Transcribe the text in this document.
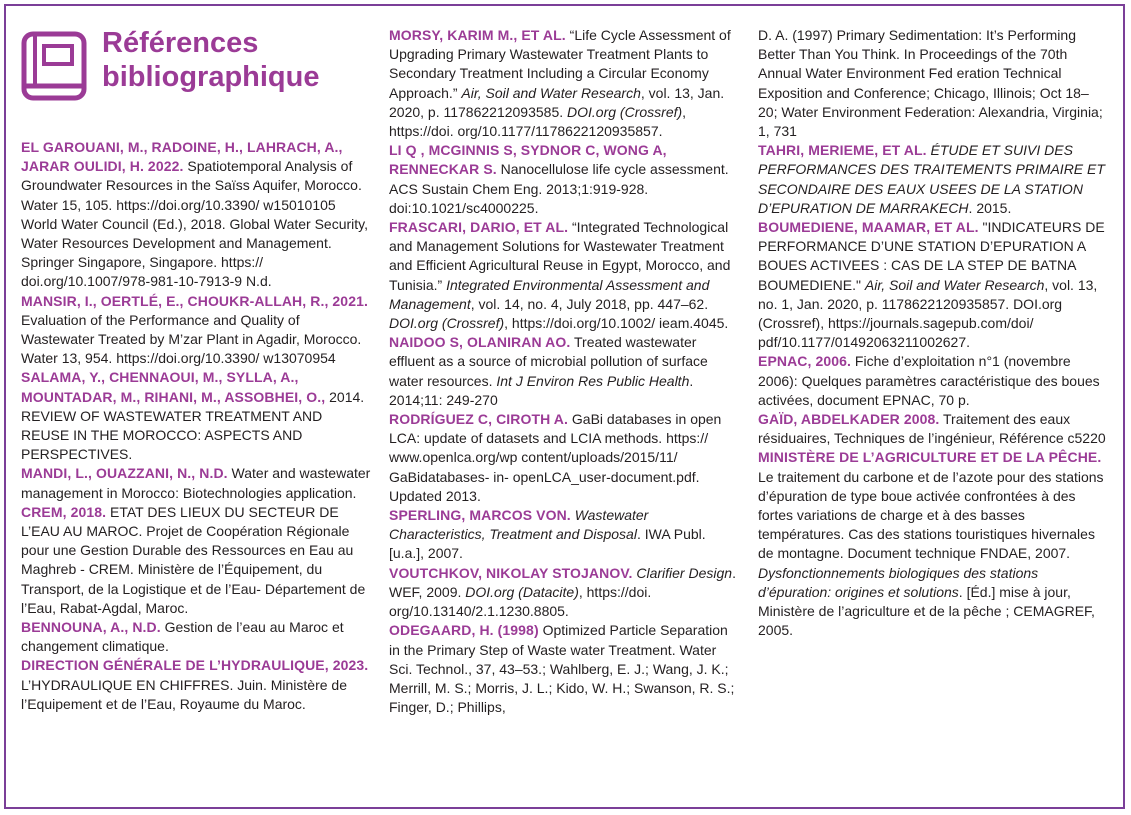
Références
bibliographique

EL GAROUANI, M., RADOINE, H., LAHRACH, A., JARAR OULIDI, H. 2022. Spatiotemporal Analysis of Groundwater Resources in the Saïss Aquifer, Morocco. Water 15, 105. https://doi.org/10.3390/ w15010105

World Water Council (Ed.), 2018. Global Water Security, Water Resources Development and Management. Springer Singapore, Singapore. https:// doi.org/10.1007/978-981-10-7913-9 N.d.

MANSIR, I., OERTLÉ, E., CHOUKR-ALLAH, R., 2021. Evaluation of the Performance and Quality of Wastewater Treated by M’zar Plant in Agadir, Morocco. Water 13, 954. https://doi.org/10.3390/ w13070954

SALAMA, Y., CHENNAOUI, M., SYLLA, A., MOUNTADAR, M., RIHANI, M., ASSOBHEI, O., 2014. REVIEW OF WASTEWATER TREATMENT AND REUSE IN THE MOROCCO: ASPECTS AND PERSPECTIVES.

MANDI, L., OUAZZANI, N., N.D. Water and wastewater management in Morocco: Biotechnologies application.

CREM, 2018. ETAT DES LIEUX DU SECTEUR DE L’EAU AU MAROC. Projet de Coopération Régionale pour une Gestion Durable des Ressources en Eau au Maghreb - CREM. Ministère de l’Équipement, du Transport, de la Logistique et de l’Eau- Département de l’Eau, Rabat-Agdal, Maroc.

BENNOUNA, A., N.D. Gestion de l’eau au Maroc et changement climatique.

DIRECTION GÉNÉRALE DE L’HYDRAULIQUE, 2023. L’HYDRAULIQUE EN CHIFFRES. Juin. Ministère de l’Equipement et de l’Eau, Royaume du Maroc.

MORSY, KARIM M., ET AL. “Life Cycle Assessment of Upgrading Primary Wastewater Treatment Plants to Secondary Treatment Including a Circular Economy Approach.” Air, Soil and Water Research, vol. 13, Jan. 2020, p. 117862212093585. DOI.org (Crossref), https://doi. org/10.1177/1178622120935857.

LI Q , MCGINNIS S, SYDNOR C, WONG A, RENNECKAR S. Nanocellulose life cycle assessment. ACS Sustain Chem Eng. 2013;1:919-928. doi:10.1021/sc4000225.

FRASCARI, DARIO, ET AL. “Integrated Technological and Management Solutions for Wastewater Treatment and Efficient Agricultural Reuse in Egypt, Morocco, and Tunisia.” Integrated Environmental Assessment and Management, vol. 14, no. 4, July 2018, pp. 447–62. DOI.org (Crossref), https://doi.org/10.1002/ ieam.4045.

NAIDOO S, OLANIRAN AO. Treated wastewater effluent as a source of microbial pollution of surface water resources. Int J Environ Res Public Health. 2014;11: 249-270

RODRÍGUEZ C, CIROTH A. GaBi databases in open LCA: update of datasets and LCIA methods. https:// www.openlca.org/wp content/uploads/2015/11/ GaBidatabases- in- openLCA_user-document.pdf. Updated 2013.

SPERLING, MARCOS VON. Wastewater Characteristics, Treatment and Disposal. IWA Publ. [u.a.], 2007.

VOUTCHKOV, NIKOLAY STOJANOV. Clarifier Design. WEF, 2009. DOI.org (Datacite), https://doi. org/10.13140/2.1.1230.8805.

ODEGAARD, H. (1998) Optimized Particle Separation in the Primary Step of Waste water Treatment. Water Sci. Technol., 37, 43–53.; Wahlberg, E. J.; Wang, J. K.; Merrill, M. S.; Morris, J. L.; Kido, W. H.; Swanson, R. S.; Finger, D.; Phillips,

D. A. (1997) Primary Sedimentation: It’s Performing Better Than You Think. In Proceedings of the 70th Annual Water Environment Fed eration Technical Exposition and Conference; Chicago, Illinois; Oct 18–20; Water Environment Federation: Alexandria, Virginia; 1, 731

TAHRI, MERIEME, ET AL. ÉTUDE ET SUIVI DES PERFORMANCES DES TRAITEMENTS PRIMAIRE ET SECONDAIRE DES EAUX USEES DE LA STATION D’EPURATION DE MARRAKECH. 2015.

BOUMEDIENE, MAAMAR, ET AL. "INDICATEURS DE PERFORMANCE D’UNE STATION D’EPURATION A BOUES ACTIVEES : CAS DE LA STEP DE BATNA BOUMEDIENE." Air, Soil and Water Research, vol. 13, no. 1, Jan. 2020, p. 1178622120935857. DOI.org (Crossref), https://journals.sagepub.com/doi/ pdf/10.1177/01492063211002627.

EPNAC, 2006. Fiche d’exploitation n°1 (novembre 2006): Quelques paramètres caractéristique des boues activées, document EPNAC, 70 p.

GAÏD, ABDELKADER 2008. Traitement des eaux résiduaires, Techniques de l’ingénieur, Référence c5220

MINISTÈRE DE L’AGRICULTURE ET DE LA PÊCHE. Le traitement du carbone et de l’azote pour des stations d’épuration de type boue activée confrontées à des fortes variations de charge et à des basses températures. Cas des stations touristiques hivernales de montagne. Document technique FNDAE, 2007.

Dysfonctionnements biologiques des stations d’épuration: origines et solutions. [Éd.] mise à jour, Ministère de l’agriculture et de la pêche ; CEMAGREF, 2005.
